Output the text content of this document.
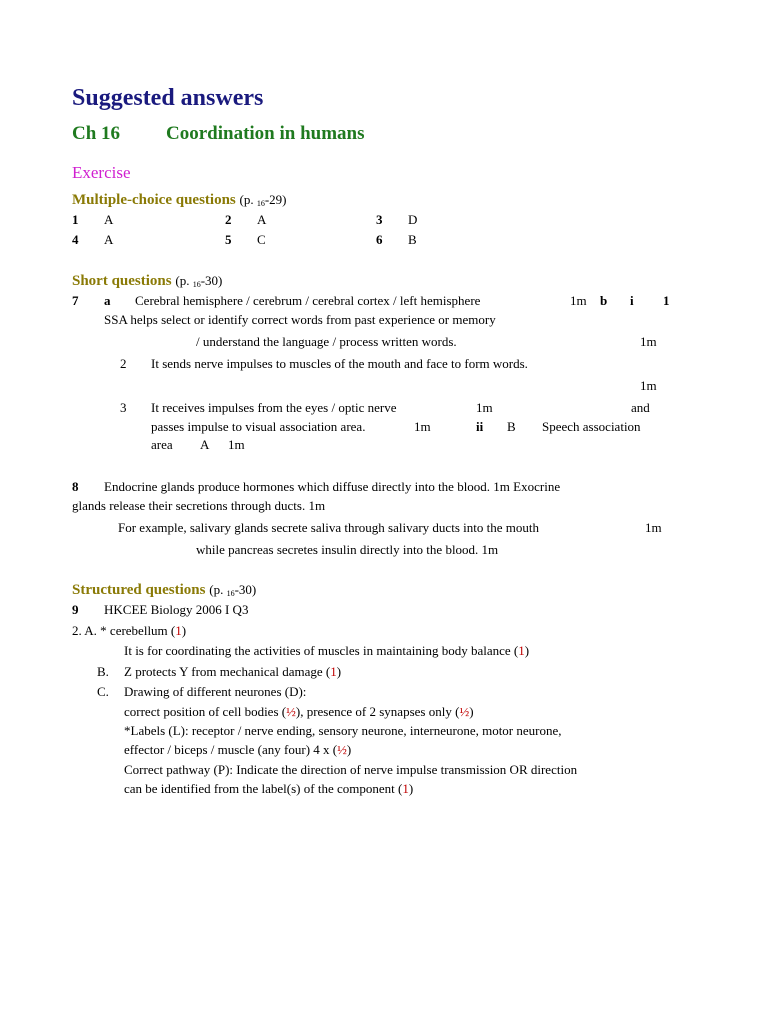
Suggested answers
Ch 16 Coordination in humans
Exercise
Multiple-choice questions (p. $_{16}$-29)
1 A	2 A	3 D
4 A	5 C	6 B
Short questions (p. $_{16}$-30)
7 a Cerebral hemisphere / cerebrum / cerebral cortex / left hemisphere	1m b i 1
SSA helps select or identify correct words from past experience or memory
/ understand the language / process written words.	1m
2 It sends nerve impulses to muscles of the mouth and face to form words.
1m
3 It receives impulses from the eyes / optic nerve	1m	and
passes impulse to visual association area.	1m	ii B Speech association
area A 1m
8 Endocrine glands produce hormones which diffuse directly into the blood. 1m Exocrine
glands release their secretions through ducts. 1m
For example, salivary glands secrete saliva through salivary ducts into the mouth	1m
while pancreas secretes insulin directly into the blood. 1m
Structured questions (p. $_{16}$-30)
9 HKCEE Biology 2006 I Q3
2. A. * cerebellum (1)
It is for coordinating the activities of muscles in maintaining body balance (1)
B. Z protects Y from mechanical damage (1)
C. Drawing of different neurones (D):
correct position of cell bodies (½), presence of 2 synapses only (½)
*Labels (L): receptor / nerve ending, sensory neurone, interneurone, motor neurone,
effector / biceps / muscle (any four) 4 x (½)
Correct pathway (P): Indicate the direction of nerve impulse transmission OR direction
can be identified from the label(s) of the component (1)
